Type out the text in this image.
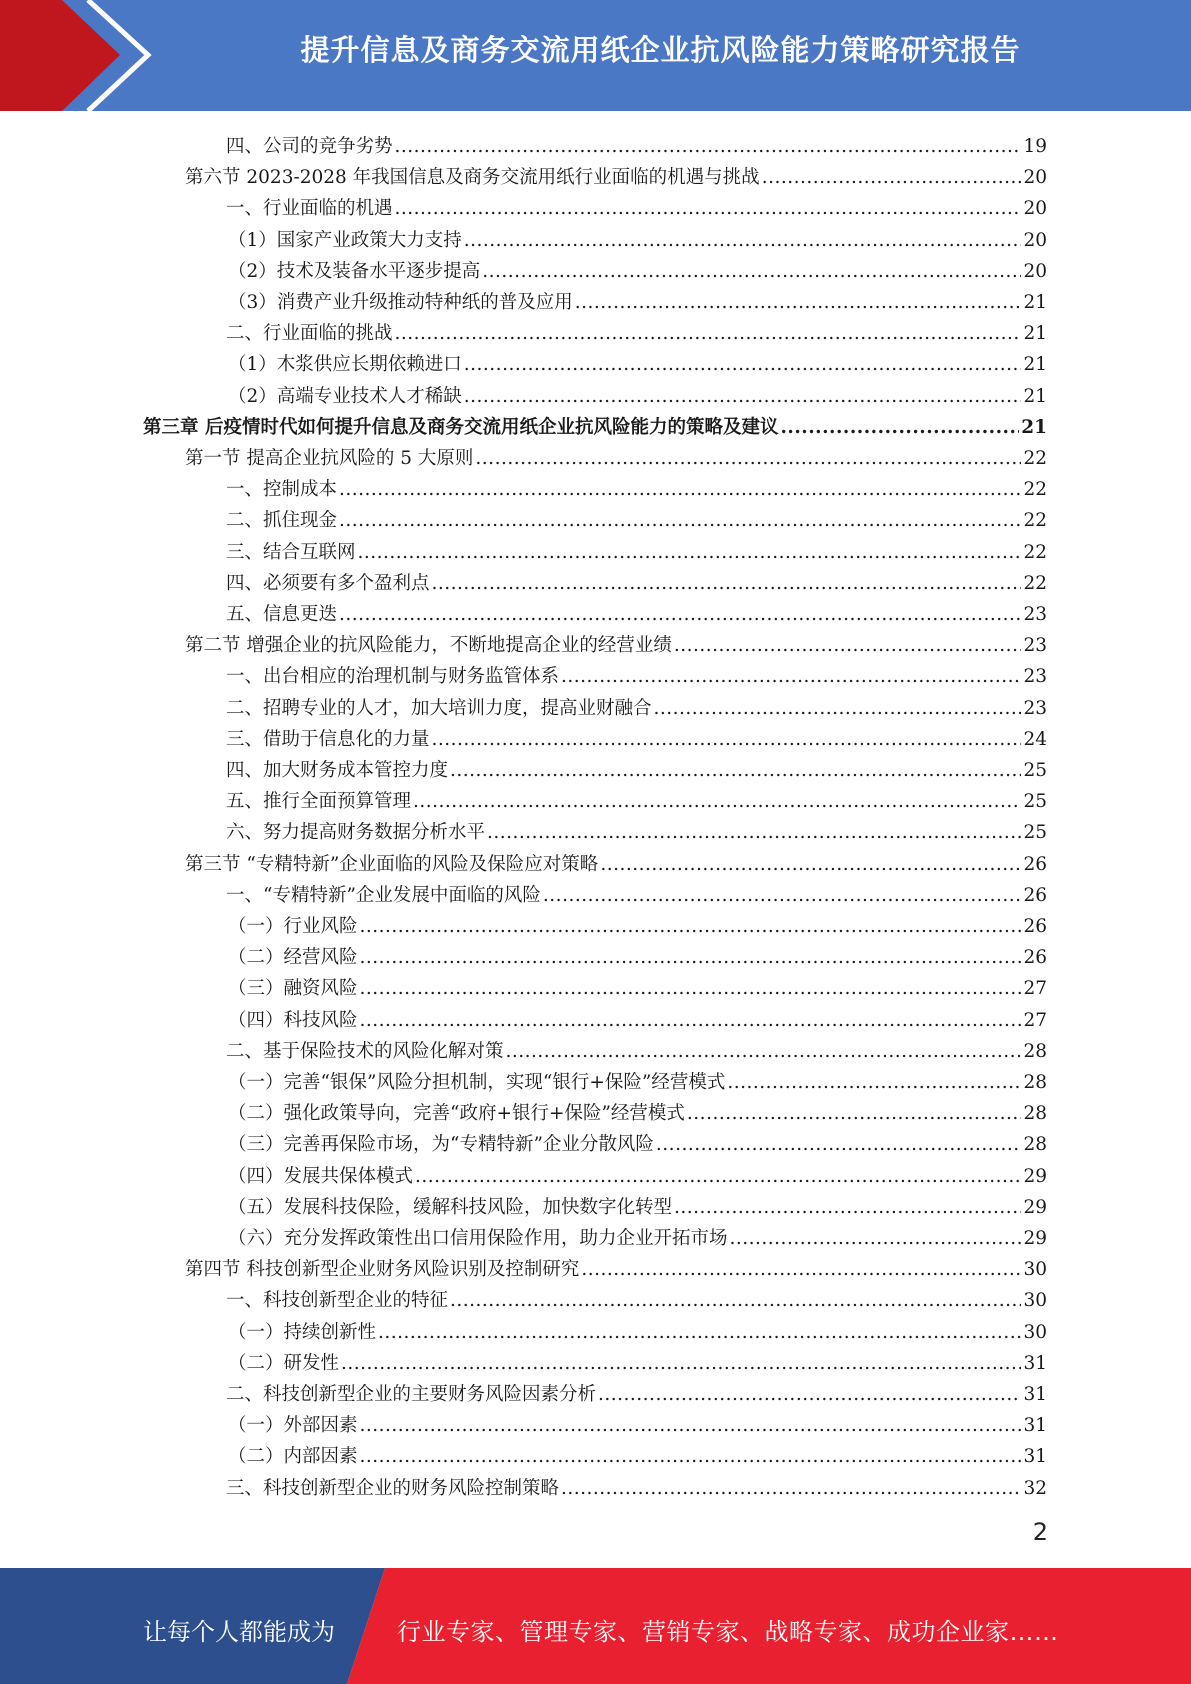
提升信息及商务交流用纸企业抗风险能力策略研究报告
四、公司的竞争劣势 .....	19
第六节 2023-2028 年我国信息及商务交流用纸行业面临的机遇与挑战 .....	20
一、行业面临的机遇 .....	20
（1）国家产业政策大力支持 .....	20
（2）技术及装备水平逐步提高 .....	20
（3）消费产业升级推动特种纸的普及应用 .....	21
二、行业面临的挑战 .....	21
（1）木浆供应长期依赖进口 .....	21
（2）高端专业技术人才稀缺 .....	21
第三章 后疫情时代如何提升信息及商务交流用纸企业抗风险能力的策略及建议 .....	21
第一节 提高企业抗风险的 5 大原则 .....	22
一、控制成本 .....	22
二、抓住现金 .....	22
三、结合互联网 .....	22
四、必须要有多个盈利点 .....	22
五、信息更迭 .....	23
第二节 增强企业的抗风险能力，不断地提高企业的经营业绩 .....	23
一、出台相应的治理机制与财务监管体系 .....	23
二、招聘专业的人才，加大培训力度，提高业财融合 .....	23
三、借助于信息化的力量 .....	24
四、加大财务成本管控力度 .....	25
五、推行全面预算管理 .....	25
六、努力提高财务数据分析水平 .....	25
第三节 “专精特新”企业面临的风险及保险应对策略 .....	26
一、“专精特新”企业发展中面临的风险 .....	26
（一）行业风险 .....	26
（二）经营风险 .....	26
（三）融资风险 .....	27
（四）科技风险 .....	27
二、基于保险技术的风险化解对策 .....	28
（一）完善“银保”风险分担机制，实现“银行+保险”经营模式 .....	28
（二）强化政策导向，完善“政府+银行+保险”经营模式 .....	28
（三）完善再保险市场，为“专精特新”企业分散风险 .....	28
（四）发展共保体模式 .....	29
（五）发展科技保险，缓解科技风险，加快数字化转型 .....	29
（六）充分发挥政策性出口信用保险作用，助力企业开拓市场 .....	29
第四节 科技创新型企业财务风险识别及控制研究 .....	30
一、科技创新型企业的特征 .....	30
（一）持续创新性 .....	30
（二）研发性 .....	31
二、科技创新型企业的主要财务风险因素分析 .....	31
（一）外部因素 .....	31
（二）内部因素 .....	31
三、科技创新型企业的财务风险控制策略 .....	32
2
让每个人都能成为	行业专家、管理专家、营销专家、战略专家、成功企业家……
